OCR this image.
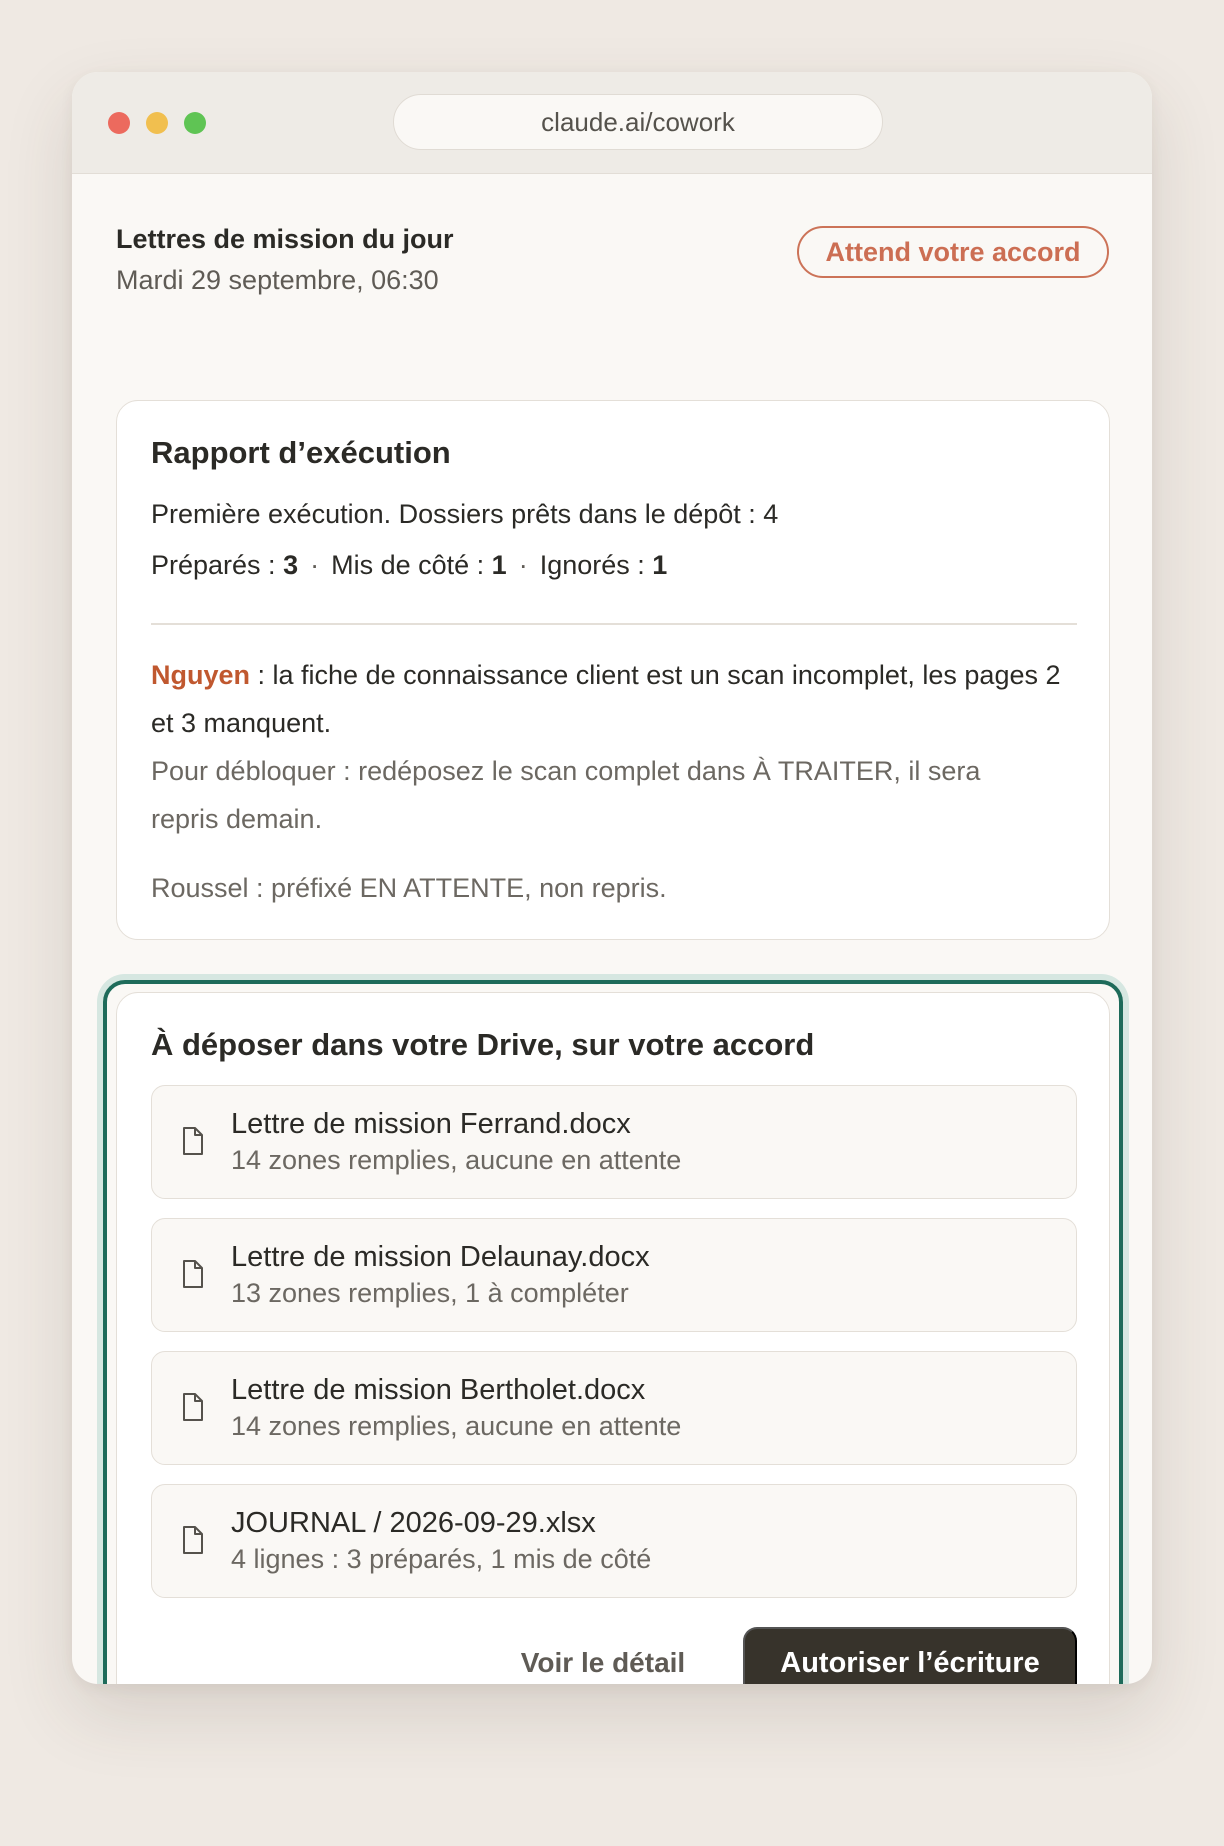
claude.ai/cowork
Lettres de mission du jour
Mardi 29 septembre, 06:30
Attend votre accord
Rapport d’exécution
Première exécution. Dossiers prêts dans le dépôt : 4
Préparés : 3 · Mis de côté : 1 · Ignorés : 1
Nguyen : la fiche de connaissance client est un scan incomplet, les pages 2 et 3 manquent.
Pour débloquer : redéposez le scan complet dans À TRAITER, il sera repris demain.
Roussel : préfixé EN ATTENTE, non repris.
À déposer dans votre Drive, sur votre accord
Lettre de mission Ferrand.docx
14 zones remplies, aucune en attente
Lettre de mission Delaunay.docx
13 zones remplies, 1 à compléter
Lettre de mission Bertholet.docx
14 zones remplies, aucune en attente
JOURNAL / 2026-09-29.xlsx
4 lignes : 3 préparés, 1 mis de côté
Voir le détail	Autoriser l’écriture
